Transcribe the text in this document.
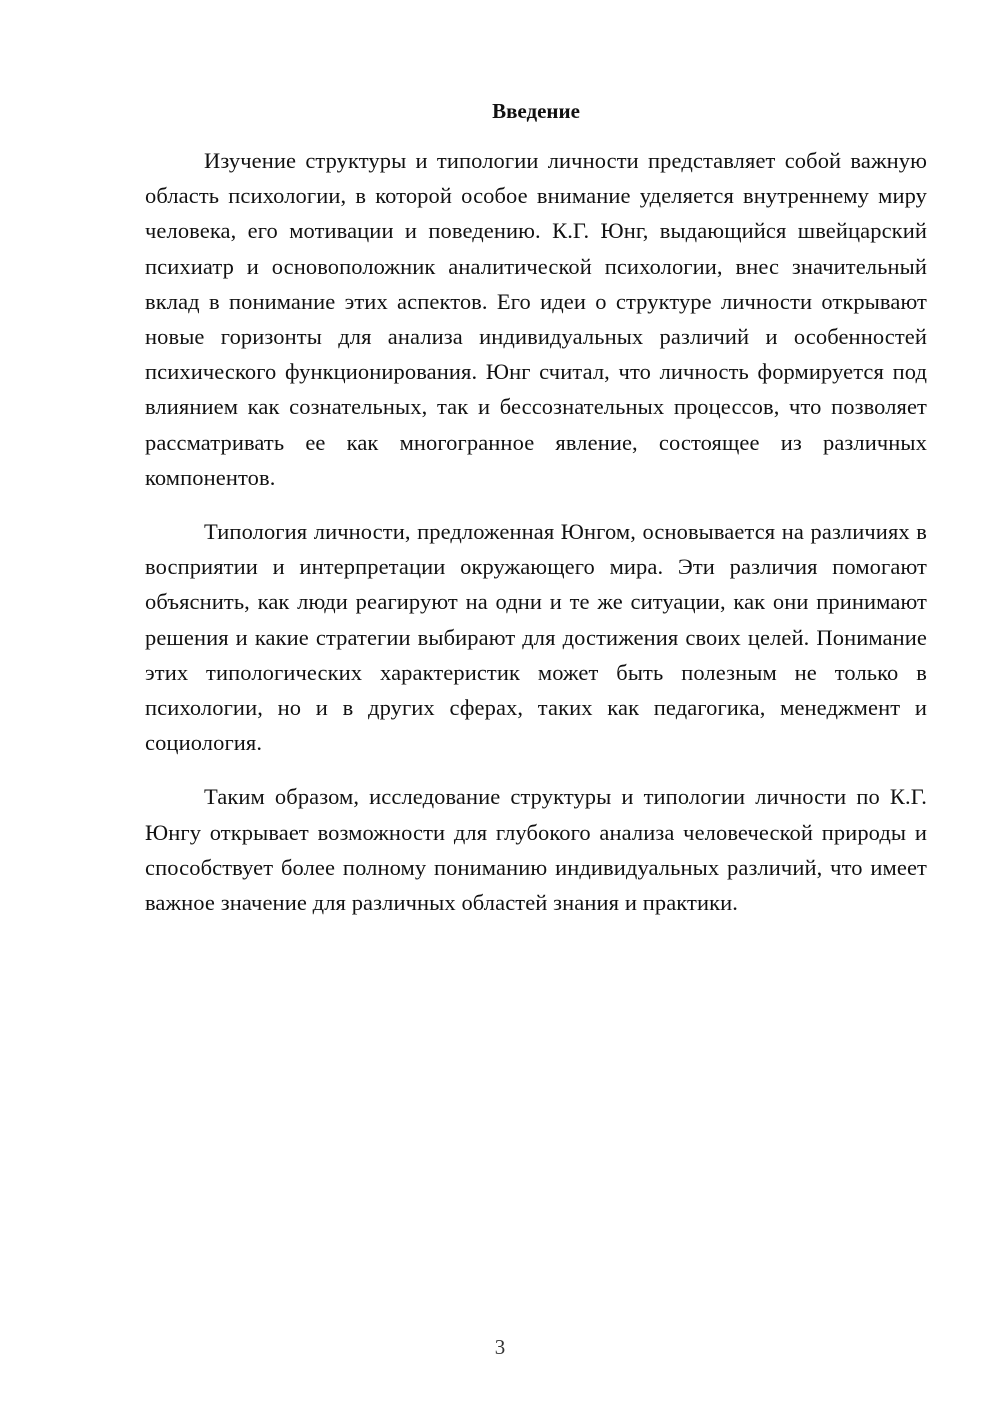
Введение

Изучение структуры и типологии личности представляет собой важную область психологии, в которой особое внимание уделяется внутреннему миру человека, его мотивации и поведению. К.Г. Юнг, выдающийся швейцарский психиатр и основоположник аналитической психологии, внес значительный вклад в понимание этих аспектов. Его идеи о структуре личности открывают новые горизонты для анализа индивидуальных различий и особенностей психического функционирования. Юнг считал, что личность формируется под влиянием как сознательных, так и бессознательных процессов, что позволяет рассматривать ее как многогранное явление, состоящее из различных компонентов.

Типология личности, предложенная Юнгом, основывается на различиях в восприятии и интерпретации окружающего мира. Эти различия помогают объяснить, как люди реагируют на одни и те же ситуации, как они принимают решения и какие стратегии выбирают для достижения своих целей. Понимание этих типологических характеристик может быть полезным не только в психологии, но и в других сферах, таких как педагогика, менеджмент и социология.

Таким образом, исследование структуры и типологии личности по К.Г. Юнгу открывает возможности для глубокого анализа человеческой природы и способствует более полному пониманию индивидуальных различий, что имеет важное значение для различных областей знания и практики.

3
